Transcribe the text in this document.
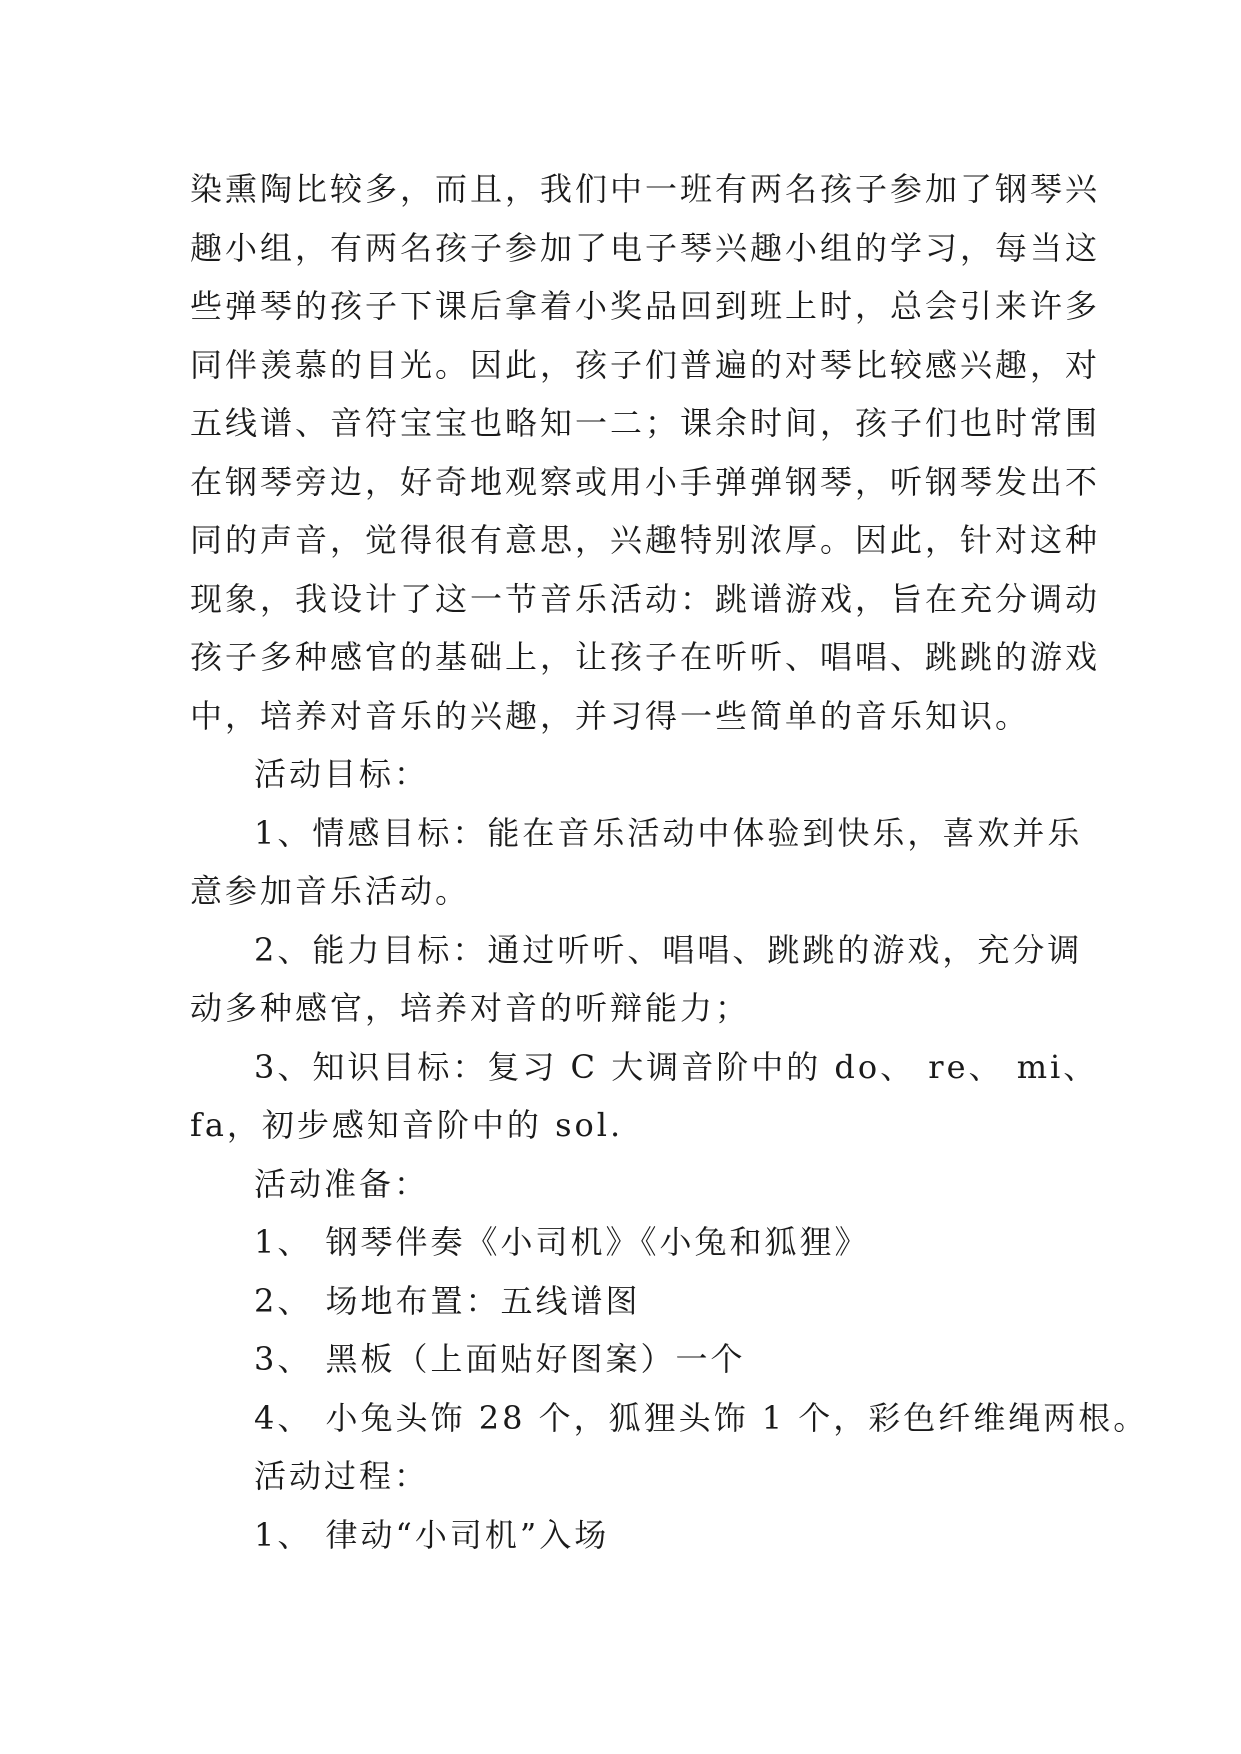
染熏陶比较多，而且，我们中一班有两名孩子参加了钢琴兴
趣小组，有两名孩子参加了电子琴兴趣小组的学习，每当这
些弹琴的孩子下课后拿着小奖品回到班上时，总会引来许多
同伴羡慕的目光。因此，孩子们普遍的对琴比较感兴趣，对
五线谱、音符宝宝也略知一二；课余时间，孩子们也时常围
在钢琴旁边，好奇地观察或用小手弹弹钢琴，听钢琴发出不
同的声音，觉得很有意思，兴趣特别浓厚。因此，针对这种
现象，我设计了这一节音乐活动：跳谱游戏，旨在充分调动
孩子多种感官的基础上，让孩子在听听、唱唱、跳跳的游戏
中，培养对音乐的兴趣，并习得一些简单的音乐知识。
活动目标：
1、情感目标：能在音乐活动中体验到快乐，喜欢并乐
意参加音乐活动。
2、能力目标：通过听听、唱唱、跳跳的游戏，充分调
动多种感官，培养对音的听辩能力；
3、知识目标：复习 C 大调音阶中的 do、 re、 mi、
fa，初步感知音阶中的 sol.
活动准备：
1、 钢琴伴奏《小司机》《小兔和狐狸》
2、 场地布置：五线谱图
3、 黑板（上面贴好图案）一个
4、 小兔头饰 28 个，狐狸头饰 1 个，彩色纤维绳两根。
活动过程：
1、 律动“小司机”入场
